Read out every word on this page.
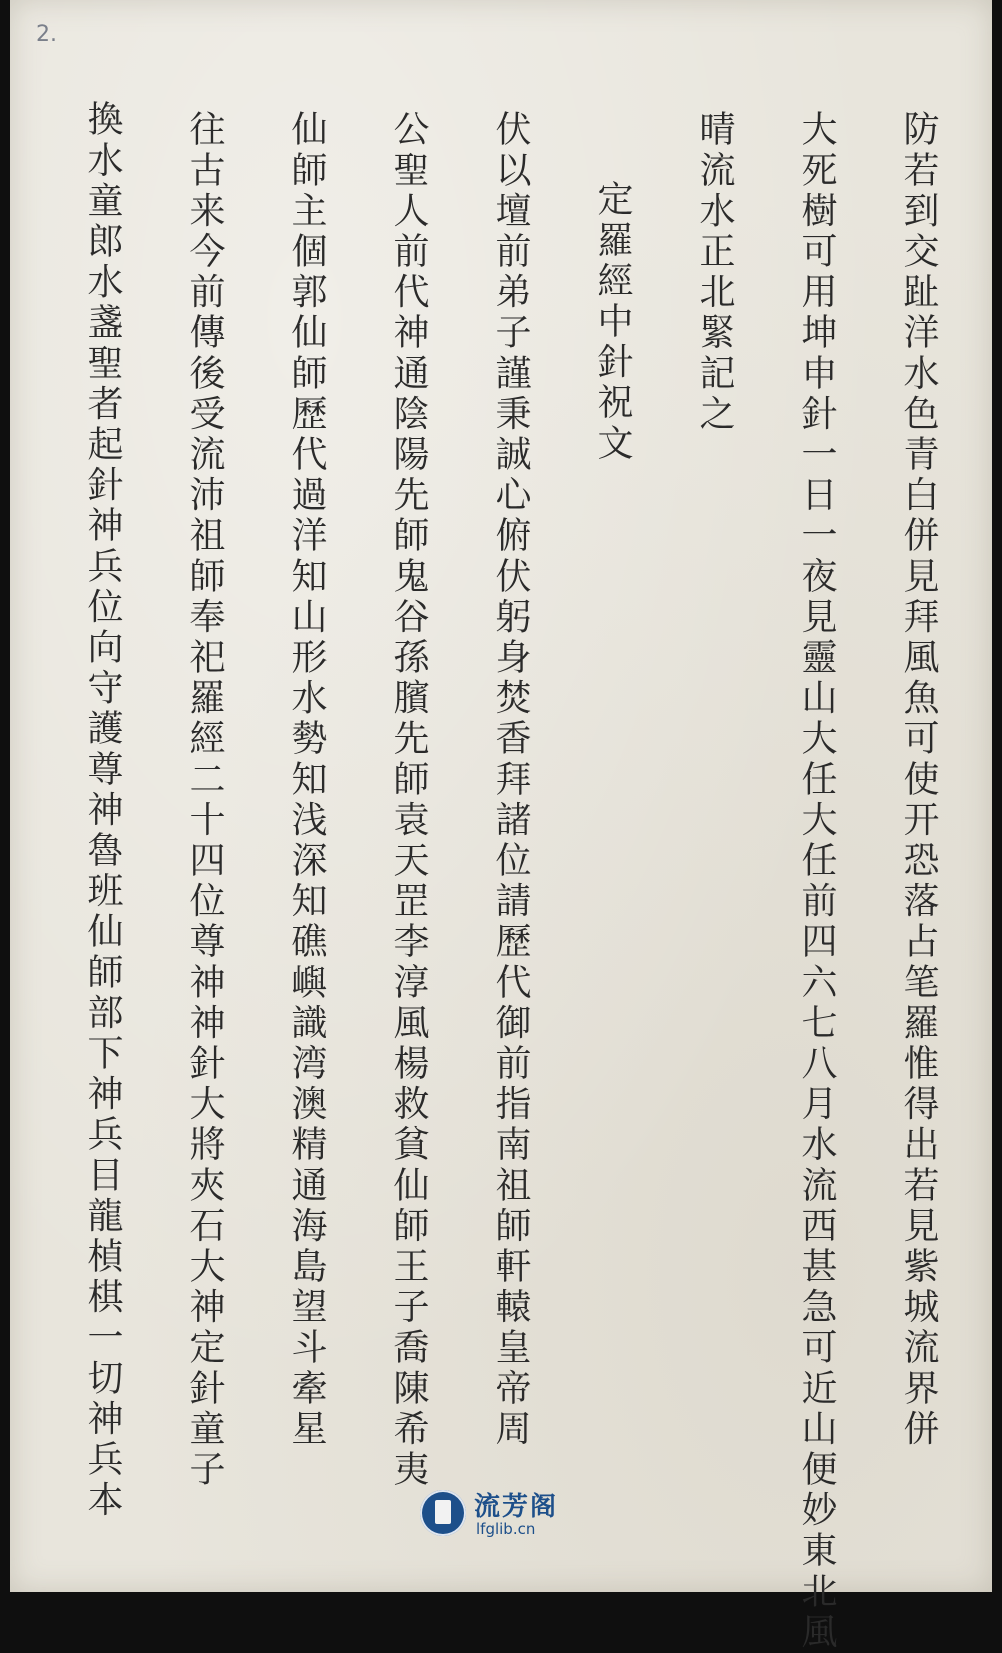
2.
防若到交趾洋水色青白併見拜風魚可使开恐落占笔羅惟得出若見紫城流界併
大死樹可用坤申針一日一夜見靈山大任大任前四六七八月水流西甚急可近山便妙東北風
晴流水正北緊記之
定羅經中針祝文
伏以壇前弟子謹秉誠心俯伏躬身焚香拜諸位請歷代御前指南祖師軒轅皇帝周
公聖人前代神通陰陽先師鬼谷孫臏先師袁天罡李淳風楊救貧仙師王子喬陳希夷
仙師主個郭仙師歷代過洋知山形水勢知浅深知礁嶼識湾澳精通海島望斗牽星
往古来今前傳後受流沛祖師奉祀羅經二十四位尊神神針大將夾石大神定針童子
換水童郎水盞聖者起針神兵位向守護尊神魯班仙師部下神兵目龍楨棋一切神兵本	流芳阁
lfglib.cn
